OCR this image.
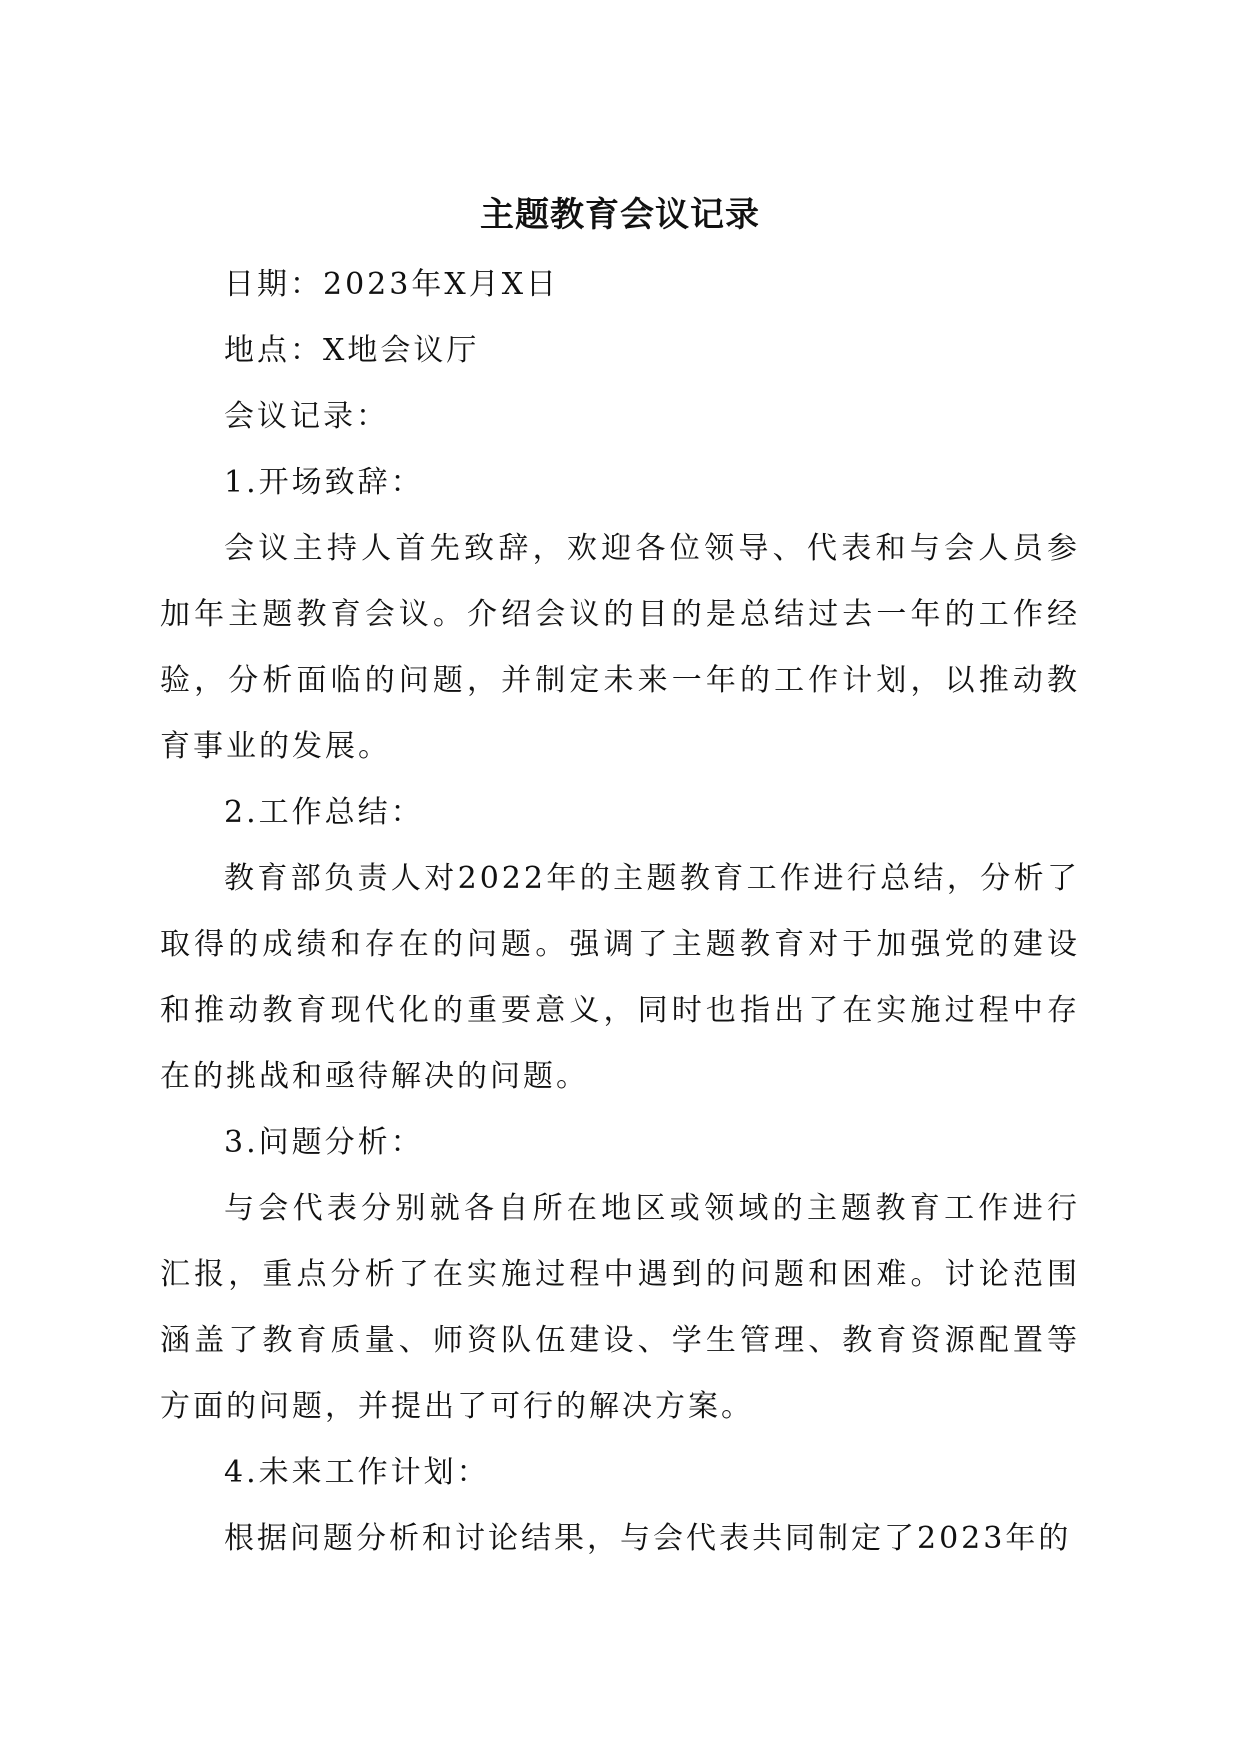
主题教育会议记录

日期：2023年X月X日

地点：X地会议厅

会议记录：

1.开场致辞：

会议主持人首先致辞，欢迎各位领导、代表和与会人员参加年主题教育会议。介绍会议的目的是总结过去一年的工作经验，分析面临的问题，并制定未来一年的工作计划，以推动教育事业的发展。

2.工作总结：

教育部负责人对2022年的主题教育工作进行总结，分析了取得的成绩和存在的问题。强调了主题教育对于加强党的建设和推动教育现代化的重要意义，同时也指出了在实施过程中存在的挑战和亟待解决的问题。

3.问题分析：

与会代表分别就各自所在地区或领域的主题教育工作进行汇报，重点分析了在实施过程中遇到的问题和困难。讨论范围涵盖了教育质量、师资队伍建设、学生管理、教育资源配置等方面的问题，并提出了可行的解决方案。

4.未来工作计划：

根据问题分析和讨论结果，与会代表共同制定了2023年的
